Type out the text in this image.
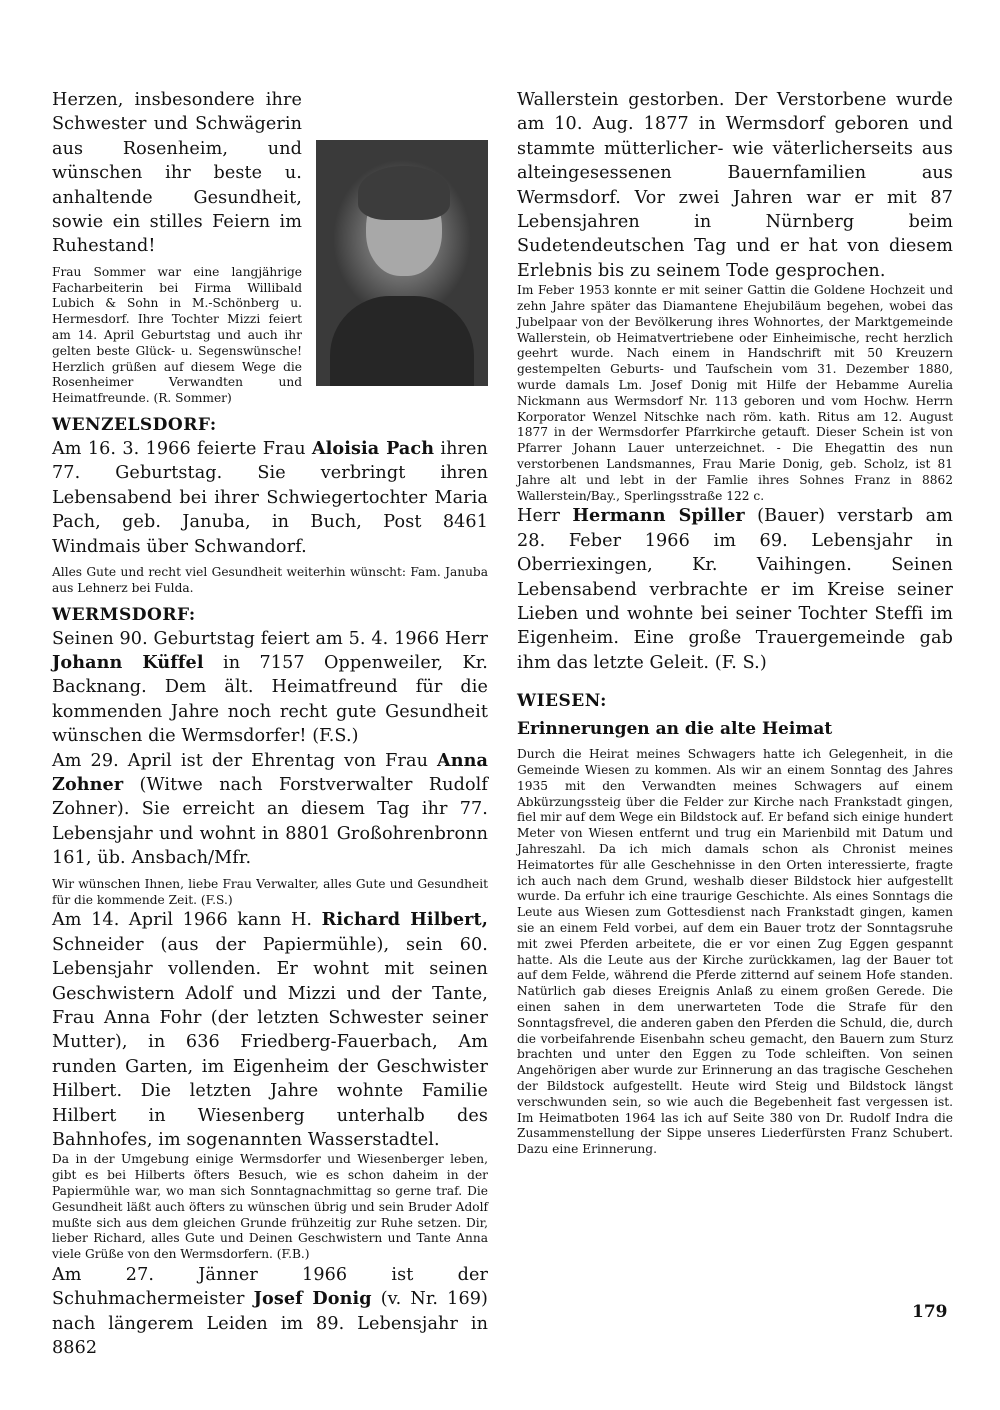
Herzen, insbesondere ihre Schwester und Schwägerin aus Rosenheim, und wünschen ihr beste u. anhaltende Gesundheit, sowie ein stilles Feiern im Ruhestand!

Frau Sommer war eine langjährige Facharbeiterin bei Firma Willibald Lubich & Sohn in M.-Schönberg u. Hermesdorf. Ihre Tochter Mizzi feiert am 14. April Geburtstag und auch ihr gelten beste Glück- u. Segenswünsche! Herzlich grüßen auf diesem Wege die Rosenheimer Verwandten und Heimatfreunde. (R. Sommer)

WENZELSDORF:

Am 16. 3. 1966 feierte Frau Aloisia Pach ihren 77. Geburtstag. Sie verbringt ihren Lebensabend bei ihrer Schwiegertochter Maria Pach, geb. Januba, in Buch, Post 8461 Windmais über Schwandorf.

Alles Gute und recht viel Gesundheit weiterhin wünscht: Fam. Januba aus Lehnerz bei Fulda.

WERMSDORF:

Seinen 90. Geburtstag feiert am 5. 4. 1966 Herr Johann Küffel in 7157 Oppenweiler, Kr. Backnang. Dem ält. Heimatfreund für die kommenden Jahre noch recht gute Gesundheit wünschen die Wermsdorfer! (F.S.)

Am 29. April ist der Ehrentag von Frau Anna Zohner (Witwe nach Forstverwalter Rudolf Zohner). Sie erreicht an diesem Tag ihr 77. Lebensjahr und wohnt in 8801 Großohrenbronn 161, üb. Ansbach/Mfr.

Wir wünschen Ihnen, liebe Frau Verwalter, alles Gute und Gesundheit für die kommende Zeit. (F.S.)

Am 14. April 1966 kann H. Richard Hilbert, Schneider (aus der Papiermühle), sein 60. Lebensjahr vollenden. Er wohnt mit seinen Geschwistern Adolf und Mizzi und der Tante, Frau Anna Fohr (der letzten Schwester seiner Mutter), in 636 Friedberg-Fauerbach, Am runden Garten, im Eigenheim der Geschwister Hilbert. Die letzten Jahre wohnte Familie Hilbert in Wiesenberg unterhalb des Bahnhofes, im sogenannten Wasserstadtel.

Da in der Umgebung einige Wermsdorfer und Wiesenberger leben, gibt es bei Hilberts öfters Besuch, wie es schon daheim in der Papiermühle war, wo man sich Sonntagnachmittag so gerne traf. Die Gesundheit läßt auch öfters zu wünschen übrig und sein Bruder Adolf mußte sich aus dem gleichen Grunde frühzeitig zur Ruhe setzen. Dir, lieber Richard, alles Gute und Deinen Geschwistern und Tante Anna viele Grüße von den Wermsdorfern. (F.B.)

Am 27. Jänner 1966 ist der Schuhmachermeister Josef Donig (v. Nr. 169) nach längerem Leiden im 89. Lebensjahr in 8862

Wallerstein gestorben. Der Verstorbene wurde am 10. Aug. 1877 in Wermsdorf geboren und stammte mütterlicher- wie väterlicherseits aus alteingesessenen Bauernfamilien aus Wermsdorf. Vor zwei Jahren war er mit 87 Lebensjahren in Nürnberg beim Sudetendeutschen Tag und er hat von diesem Erlebnis bis zu seinem Tode gesprochen.

Im Feber 1953 konnte er mit seiner Gattin die Goldene Hochzeit und zehn Jahre später das Diamantene Ehejubiläum begehen, wobei das Jubelpaar von der Bevölkerung ihres Wohnortes, der Marktgemeinde Wallerstein, ob Heimatvertriebene oder Einheimische, recht herzlich geehrt wurde. Nach einem in Handschrift mit 50 Kreuzern gestempelten Geburts- und Taufschein vom 31. Dezember 1880, wurde damals Lm. Josef Donig mit Hilfe der Hebamme Aurelia Nickmann aus Wermsdorf Nr. 113 geboren und vom Hochw. Herrn Korporator Wenzel Nitschke nach röm. kath. Ritus am 12. August 1877 in der Wermsdorfer Pfarrkirche getauft. Dieser Schein ist von Pfarrer Johann Lauer unterzeichnet. - Die Ehegattin des nun verstorbenen Landsmannes, Frau Marie Donig, geb. Scholz, ist 81 Jahre alt und lebt in der Famlie ihres Sohnes Franz in 8862 Wallerstein/Bay., Sperlingsstraße 122 c.

Herr Hermann Spiller (Bauer) verstarb am 28. Feber 1966 im 69. Lebensjahr in Oberriexingen, Kr. Vaihingen. Seinen Lebensabend verbrachte er im Kreise seiner Lieben und wohnte bei seiner Tochter Steffi im Eigenheim. Eine große Trauergemeinde gab ihm das letzte Geleit. (F. S.)

WIESEN:
Erinnerungen an die alte Heimat

Durch die Heirat meines Schwagers hatte ich Gelegenheit, in die Gemeinde Wiesen zu kommen. Als wir an einem Sonntag des Jahres 1935 mit den Verwandten meines Schwagers auf einem Abkürzungssteig über die Felder zur Kirche nach Frankstadt gingen, fiel mir auf dem Wege ein Bildstock auf. Er befand sich einige hundert Meter von Wiesen entfernt und trug ein Marienbild mit Datum und Jahreszahl. Da ich mich damals schon als Chronist meines Heimatortes für alle Geschehnisse in den Orten interessierte, fragte ich auch nach dem Grund, weshalb dieser Bildstock hier aufgestellt wurde. Da erfuhr ich eine traurige Geschichte. Als eines Sonntags die Leute aus Wiesen zum Gottesdienst nach Frankstadt gingen, kamen sie an einem Feld vorbei, auf dem ein Bauer trotz der Sonntagsruhe mit zwei Pferden arbeitete, die er vor einen Zug Eggen gespannt hatte. Als die Leute aus der Kirche zurückkamen, lag der Bauer tot auf dem Felde, während die Pferde zitternd auf seinem Hofe standen. Natürlich gab dieses Ereignis Anlaß zu einem großen Gerede. Die einen sahen in dem unerwarteten Tode die Strafe für den Sonntagsfrevel, die anderen gaben den Pferden die Schuld, die, durch die vorbeifahrende Eisenbahn scheu gemacht, den Bauern zum Sturz brachten und unter den Eggen zu Tode schleiften. Von seinen Angehörigen aber wurde zur Erinnerung an das tragische Geschehen der Bildstock aufgestellt. Heute wird Steig und Bildstock längst verschwunden sein, so wie auch die Begebenheit fast vergessen ist. Im Heimatboten 1964 las ich auf Seite 380 von Dr. Rudolf Indra die Zusammenstellung der Sippe unseres Liederfürsten Franz Schubert. Dazu eine Erinnerung.

179
